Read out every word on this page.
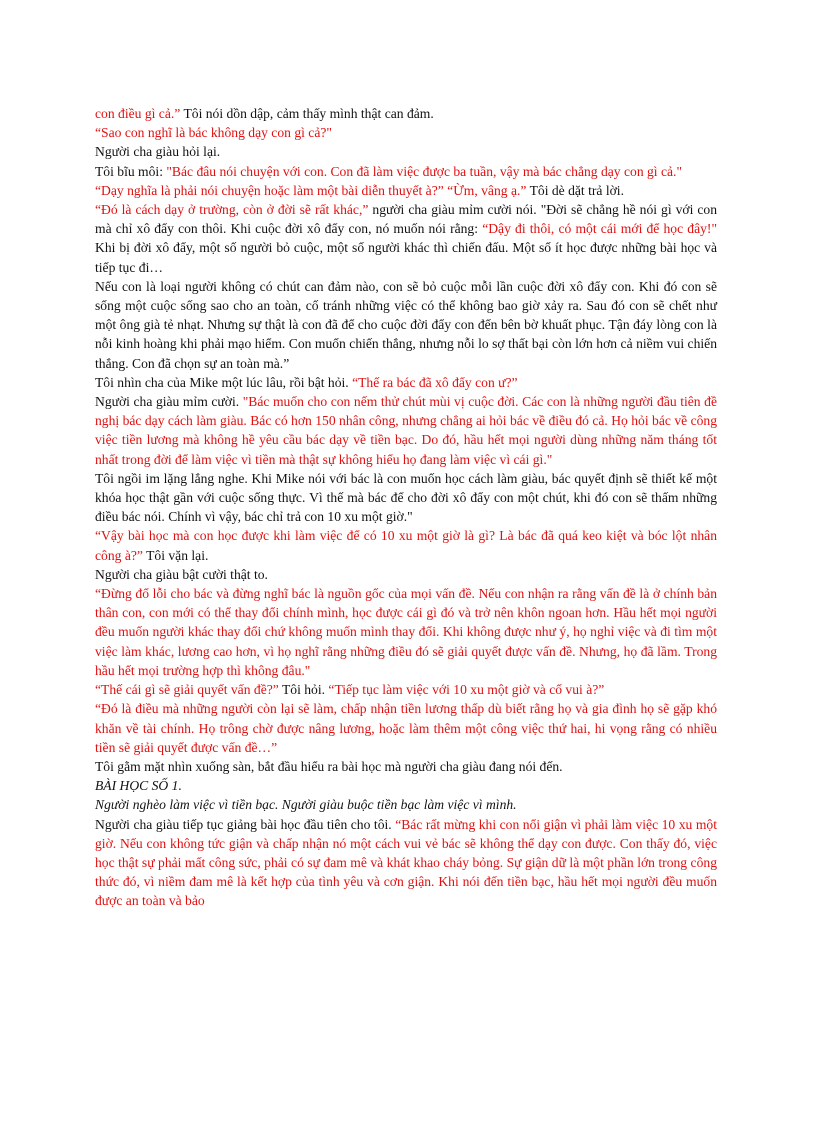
con điều gì cả.” Tôi nói dồn dập, cảm thấy mình thật can đảm.
“Sao con nghĩ là bác không dạy con gì cả?"
Người cha giàu hỏi lại.
Tôi bĩu môi: "Bác đâu nói chuyện với con. Con đã làm việc được ba tuần, vậy mà bác chẳng dạy con gì cả."
“Dạy nghĩa là phải nói chuyện hoặc làm một bài diễn thuyết à?” “Ừm, vâng ạ.” Tôi dè dặt trả lời.
“Đó là cách dạy ở trường, còn ở đời sẽ rất khác,” người cha giàu mỉm cười nói. "Đời sẽ chẳng hề nói gì với con mà chỉ xô đẩy con thôi. Khi cuộc đời xô đẩy con, nó muốn nói rằng: “Dậy đi thôi, có một cái mới để học đây!" Khi bị đời xô đẩy, một số người bỏ cuộc, một số người khác thì chiến đấu. Một số ít học được những bài học và tiếp tục đi…
Nếu con là loại người không có chút can đảm nào, con sẽ bỏ cuộc mỗi lần cuộc đời xô đẩy con. Khi đó con sẽ sống một cuộc sống sao cho an toàn, cố tránh những việc có thể không bao giờ xảy ra. Sau đó con sẽ chết như một ông già tẻ nhạt. Nhưng sự thật là con đã để cho cuộc đời đẩy con đến bên bờ khuất phục. Tận đáy lòng con là nỗi kinh hoàng khi phải mạo hiểm. Con muốn chiến thắng, nhưng nỗi lo sợ thất bại còn lớn hơn cả niềm vui chiến thắng. Con đã chọn sự an toàn mà.”
Tôi nhìn cha của Mike một lúc lâu, rồi bật hỏi. “Thế ra bác đã xô đẩy con ư?”
Người cha giàu mỉm cười. "Bác muốn cho con nếm thử chút mùi vị cuộc đời. Các con là những người đầu tiên đề nghị bác dạy cách làm giàu. Bác có hơn 150 nhân công, nhưng chẳng ai hỏi bác về điều đó cả. Họ hỏi bác về công việc tiền lương mà không hề yêu cầu bác dạy về tiền bạc. Do đó, hầu hết mọi người dùng những năm tháng tốt nhất trong đời để làm việc vì tiền mà thật sự không hiểu họ đang làm việc vì cái gì."
Tôi ngồi im lặng lắng nghe. Khi Mike nói với bác là con muốn học cách làm giàu, bác quyết định sẽ thiết kế một khóa học thật gần với cuộc sống thực. Vì thế mà bác để cho đời xô đẩy con một chút, khi đó con sẽ thấm những điều bác nói. Chính vì vậy, bác chỉ trả con 10 xu một giờ."
“Vậy bài học mà con học được khi làm việc để có 10 xu một giờ là gì? Là bác đã quá keo kiệt và bóc lột nhân công à?” Tôi vặn lại.
Người cha giàu bật cười thật to.
“Đừng đổ lỗi cho bác và đừng nghĩ bác là nguồn gốc của mọi vấn đề. Nếu con nhận ra rằng vấn đề là ở chính bản thân con, con mới có thể thay đổi chính mình, học được cái gì đó và trở nên khôn ngoan hơn. Hầu hết mọi người đều muốn người khác thay đổi chứ không muốn mình thay đổi. Khi không được như ý, họ nghỉ việc và đi tìm một việc làm khác, lương cao hơn, vì họ nghĩ rằng những điều đó sẽ giải quyết được vấn đề. Nhưng, họ đã lầm. Trong hầu hết mọi trường hợp thì không đâu."
“Thế cái gì sẽ giải quyết vấn đề?” Tôi hỏi. “Tiếp tục làm việc với 10 xu một giờ và cố vui à?”
“Đó là điều mà những người còn lại sẽ làm, chấp nhận tiền lương thấp dù biết rằng họ và gia đình họ sẽ gặp khó khăn về tài chính. Họ trông chờ được nâng lương, hoặc làm thêm một công việc thứ hai, hi vọng rằng có nhiều tiền sẽ giải quyết được vấn đề…”
Tôi gằm mặt nhìn xuống sàn, bắt đầu hiểu ra bài học mà người cha giàu đang nói đến.
BÀI HỌC SỐ 1.
Người nghèo làm việc vì tiền bạc. Người giàu buộc tiền bạc làm việc vì mình.
Người cha giàu tiếp tục giảng bài học đầu tiên cho tôi. “Bác rất mừng khi con nổi giận vì phải làm việc 10 xu một giờ. Nếu con không tức giận và chấp nhận nó một cách vui vẻ bác sẽ không thể dạy con được. Con thấy đó, việc học thật sự phải mất công sức, phải có sự đam mê và khát khao cháy bỏng. Sự giận dữ là một phần lớn trong công thức đó, vì niềm đam mê là kết hợp của tình yêu và cơn giận. Khi nói đến tiền bạc, hầu hết mọi người đều muốn được an toàn và bảo
